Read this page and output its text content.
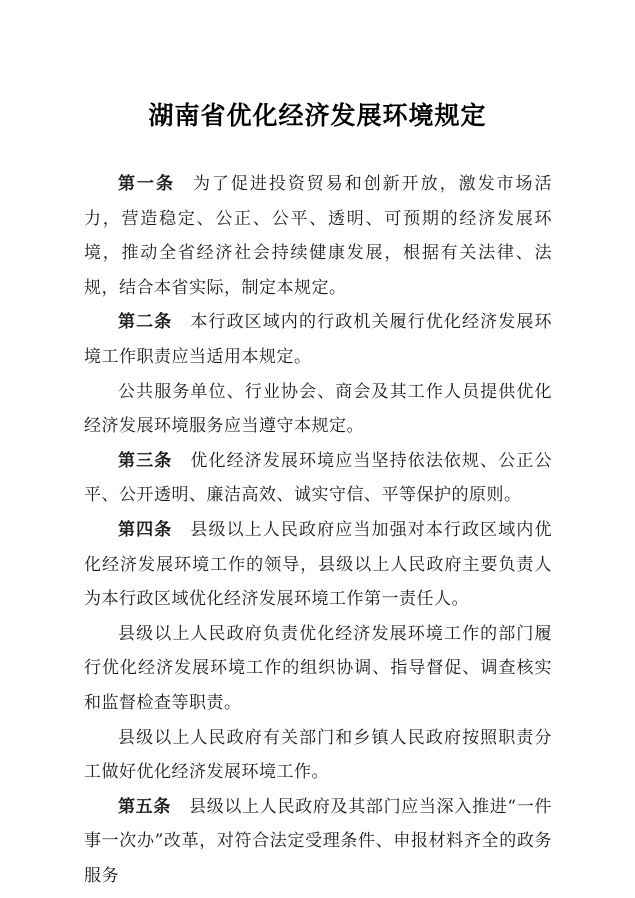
湖南省优化经济发展环境规定

第一条 为了促进投资贸易和创新开放，激发市场活力，营造稳定、公正、公平、透明、可预期的经济发展环境，推动全省经济社会持续健康发展，根据有关法律、法规，结合本省实际，制定本规定。

第二条 本行政区域内的行政机关履行优化经济发展环境工作职责应当适用本规定。

公共服务单位、行业协会、商会及其工作人员提供优化经济发展环境服务应当遵守本规定。

第三条 优化经济发展环境应当坚持依法依规、公正公平、公开透明、廉洁高效、诚实守信、平等保护的原则。

第四条 县级以上人民政府应当加强对本行政区域内优化经济发展环境工作的领导，县级以上人民政府主要负责人为本行政区域优化经济发展环境工作第一责任人。

县级以上人民政府负责优化经济发展环境工作的部门履行优化经济发展环境工作的组织协调、指导督促、调查核实和监督检查等职责。

县级以上人民政府有关部门和乡镇人民政府按照职责分工做好优化经济发展环境工作。

第五条 县级以上人民政府及其部门应当深入推进“一件事一次办”改革，对符合法定受理条件、申报材料齐全的政务服务
